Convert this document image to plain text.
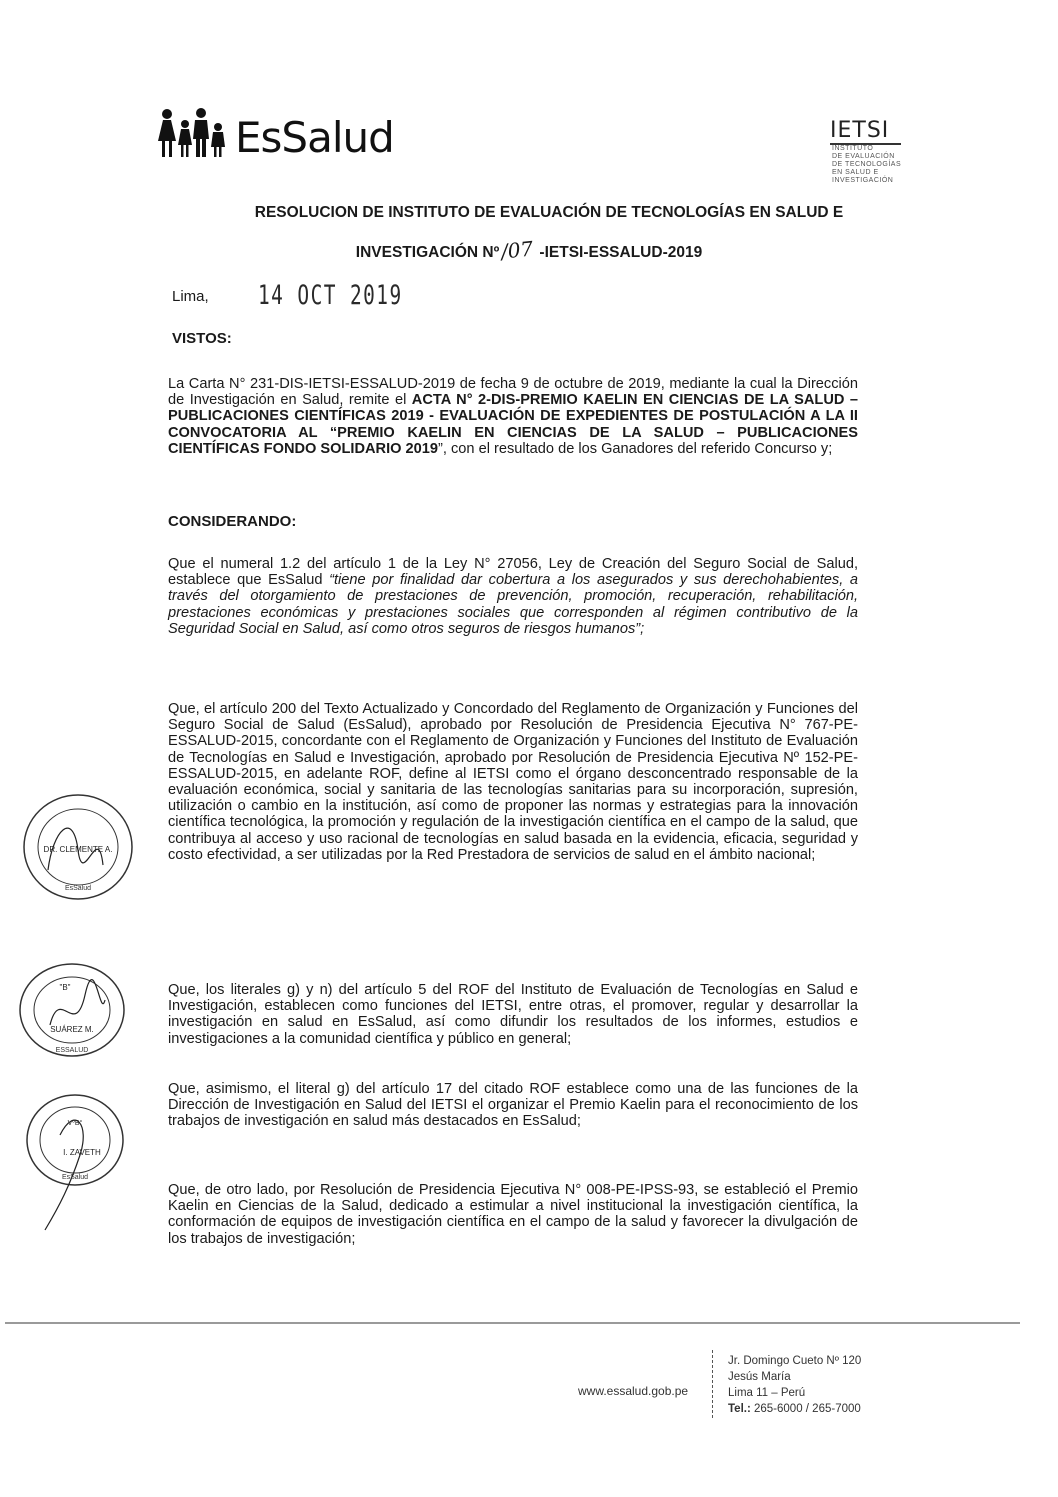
EsSalud	IETSI
INSTITUTO
DE EVALUACIÓN
DE TECNOLOGÍAS
EN SALUD E
INVESTIGACIÓN
RESOLUCION DE INSTITUTO DE EVALUACIÓN DE TECNOLOGÍAS EN SALUD E
INVESTIGACIÓN Nº /07 -IETSI-ESSALUD-2019
Lima, 14 OCT 2019
VISTOS:
La Carta N° 231-DIS-IETSI-ESSALUD-2019 de fecha 9 de octubre de 2019, mediante la cual la Dirección de Investigación en Salud, remite el ACTA N° 2-DIS-PREMIO KAELIN EN CIENCIAS DE LA SALUD – PUBLICACIONES CIENTÍFICAS 2019 - EVALUACIÓN DE EXPEDIENTES DE POSTULACIÓN A LA II CONVOCATORIA AL “PREMIO KAELIN EN CIENCIAS DE LA SALUD – PUBLICACIONES CIENTÍFICAS FONDO SOLIDARIO 2019”, con el resultado de los Ganadores del referido Concurso y;
CONSIDERANDO:
Que el numeral 1.2 del artículo 1 de la Ley N° 27056, Ley de Creación del Seguro Social de Salud, establece que EsSalud “tiene por finalidad dar cobertura a los asegurados y sus derechohabientes, a través del otorgamiento de prestaciones de prevención, promoción, recuperación, rehabilitación, prestaciones económicas y prestaciones sociales que corresponden al régimen contributivo de la Seguridad Social en Salud, así como otros seguros de riesgos humanos”;
Que, el artículo 200 del Texto Actualizado y Concordado del Reglamento de Organización y Funciones del Seguro Social de Salud (EsSalud), aprobado por Resolución de Presidencia Ejecutiva N° 767-PE-ESSALUD-2015, concordante con el Reglamento de Organización y Funciones del Instituto de Evaluación de Tecnologías en Salud e Investigación, aprobado por Resolución de Presidencia Ejecutiva Nº 152-PE-ESSALUD-2015, en adelante ROF, define al IETSI como el órgano desconcentrado responsable de la evaluación económica, social y sanitaria de las tecnologías sanitarias para su incorporación, supresión, utilización o cambio en la institución, así como de proponer las normas y estrategias para la innovación científica tecnológica, la promoción y regulación de la investigación científica en el campo de la salud, que contribuya al acceso y uso racional de tecnologías en salud basada en la evidencia, eficacia, seguridad y costo efectividad, a ser utilizadas por la Red Prestadora de servicios de salud en el ámbito nacional;
Que, los literales g) y n) del artículo 5 del ROF del Instituto de Evaluación de Tecnologías en Salud e Investigación, establecen como funciones del IETSI, entre otras, el promover, regular y desarrollar la investigación en salud en EsSalud, así como difundir los resultados de los informes, estudios e investigaciones a la comunidad científica y público en general;
Que, asimismo, el literal g) del artículo 17 del citado ROF establece como una de las funciones de la Dirección de Investigación en Salud del IETSI el organizar el Premio Kaelin para el reconocimiento de los trabajos de investigación en salud más destacados en EsSalud;
Que, de otro lado, por Resolución de Presidencia Ejecutiva N° 008-PE-IPSS-93, se estableció el Premio Kaelin en Ciencias de la Salud, dedicado a estimular a nivel institucional la investigación científica, la conformación de equipos de investigación científica en el campo de la salud y favorecer la divulgación de los trabajos de investigación;
DR. CLEMENTE A.
EsSalud
"B"
SUÁREZ M.
ESSALUD
VºB°
I. ZAVETH
EsSalud
www.essalud.gob.pe
Jr. Domingo Cueto Nº 120
Jesús María
Lima 11 – Perú
Tel.: 265-6000 / 265-7000
